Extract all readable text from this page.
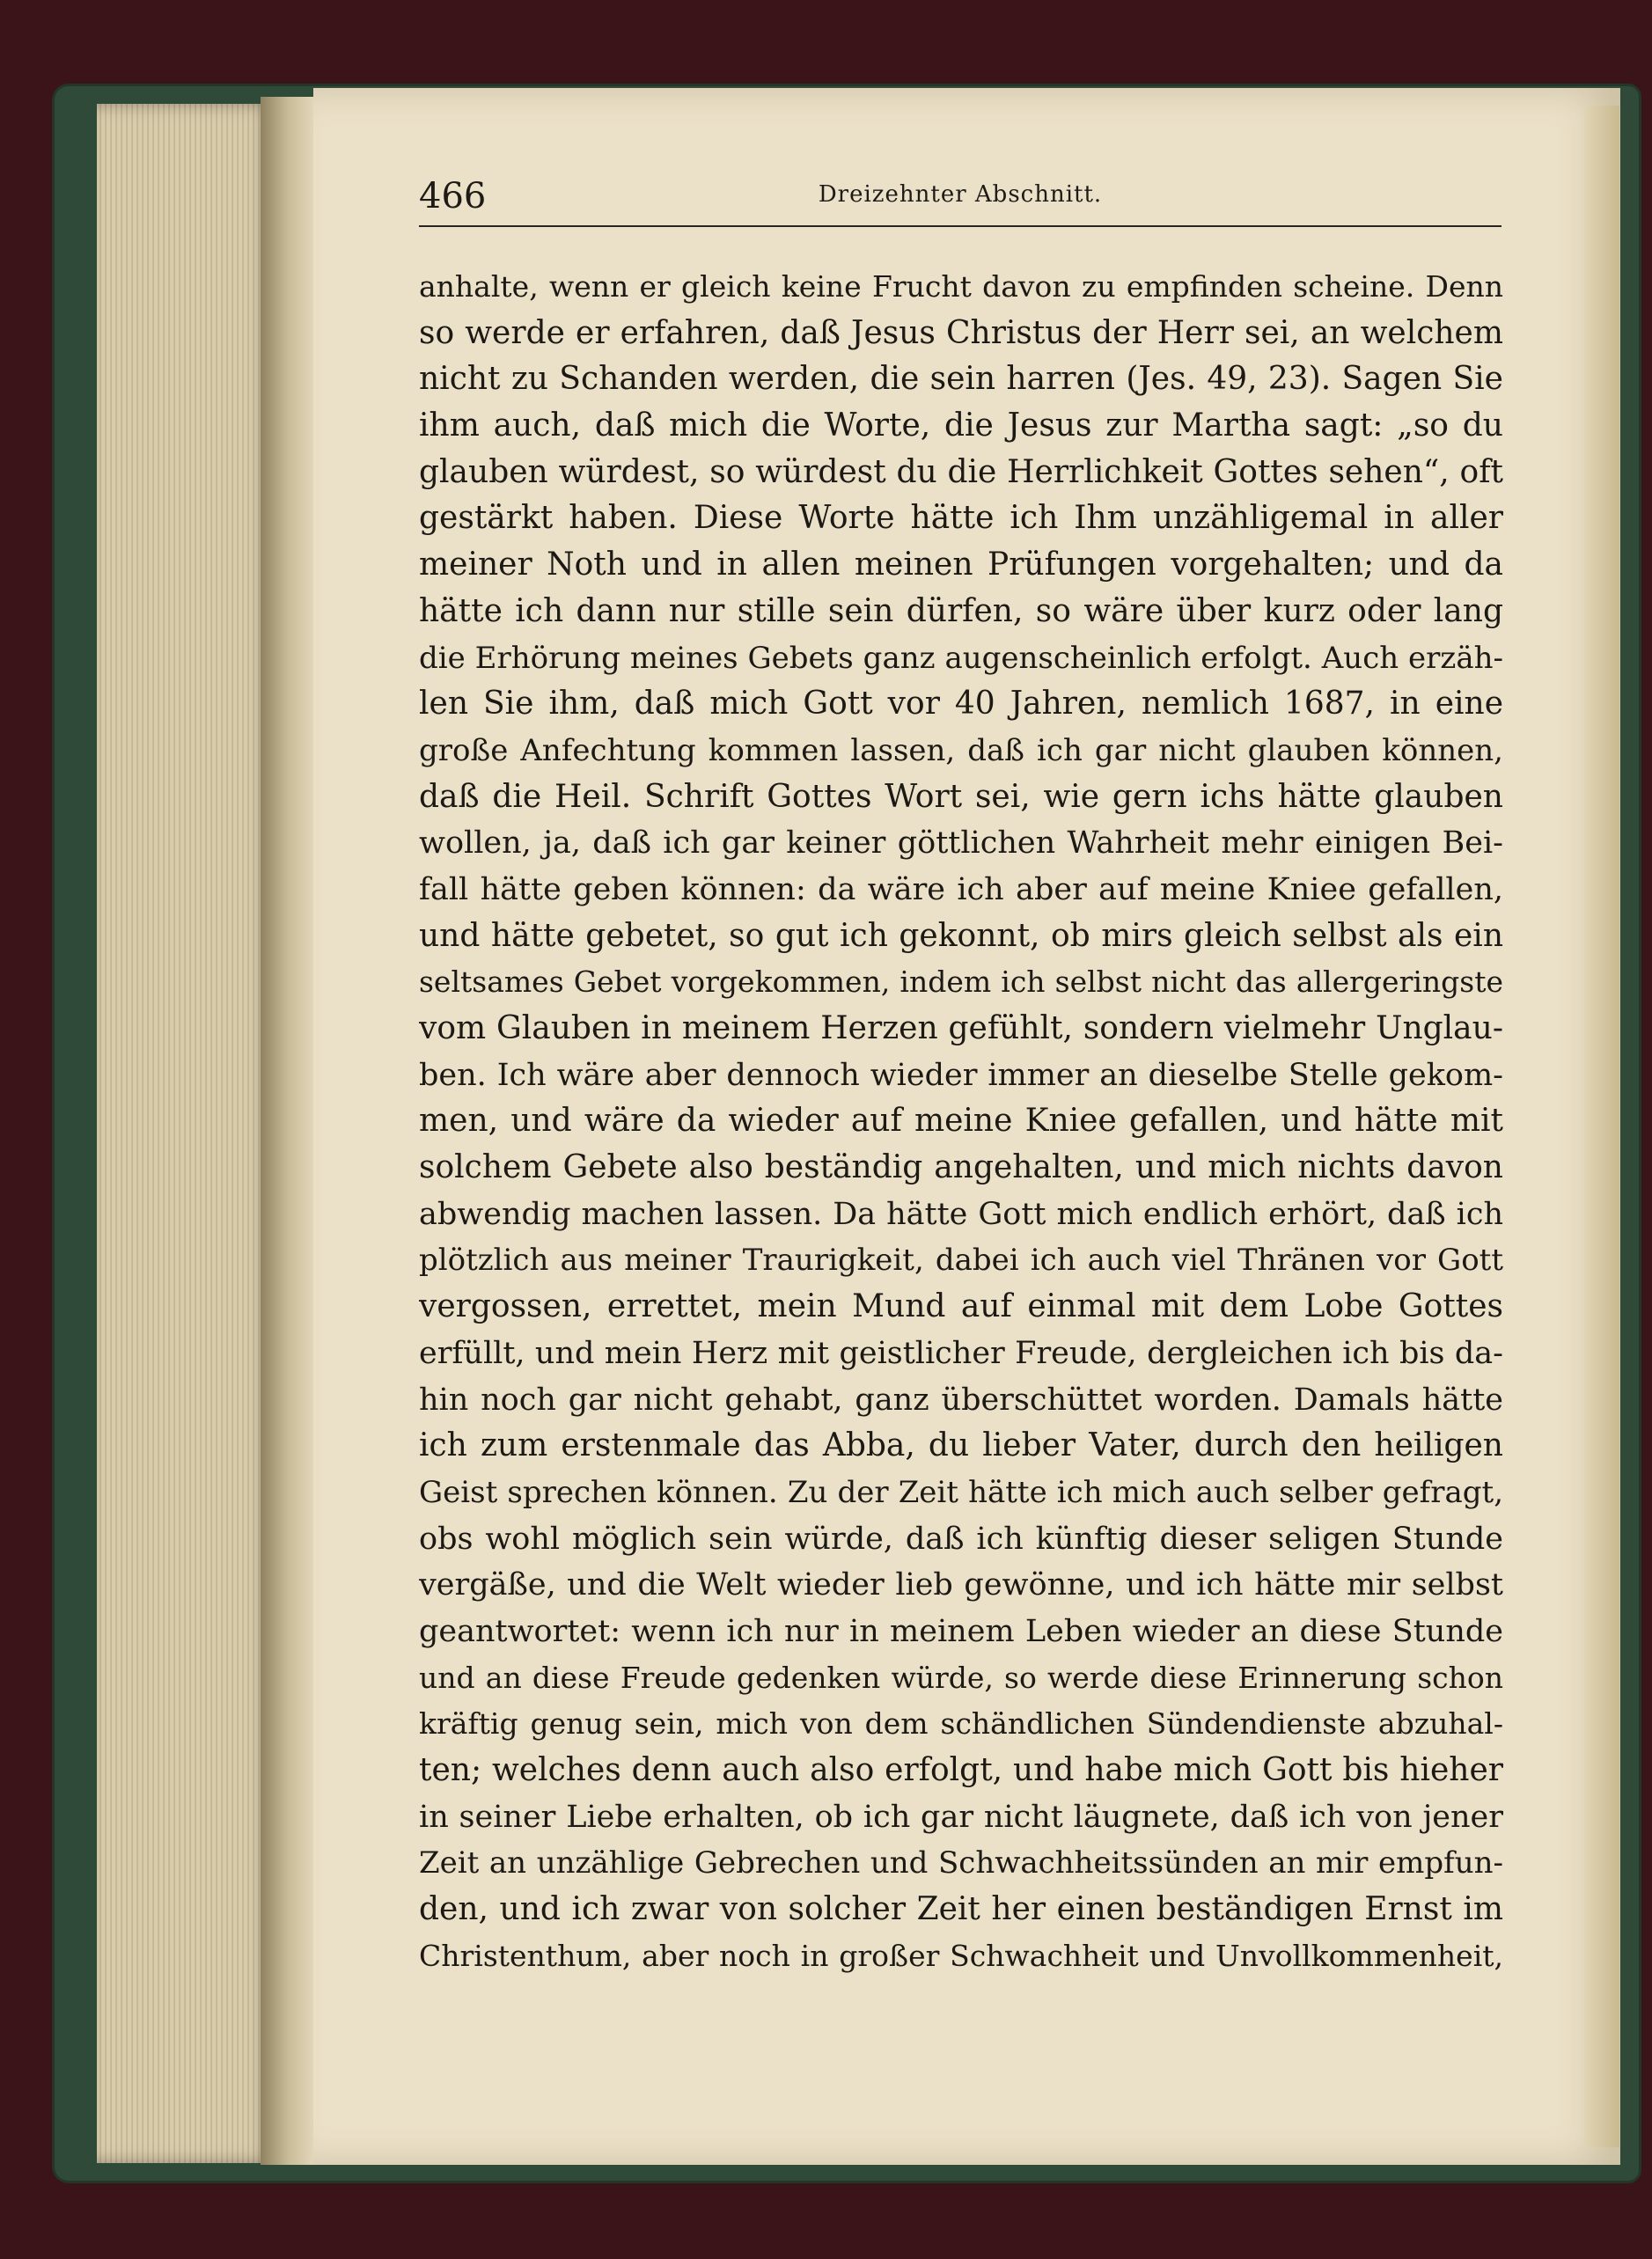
466	Dreizehnter Abschnitt.
anhalte, wenn er gleich keine Frucht davon zu empfinden scheine. Denn
so werde er erfahren, daß Jesus Christus der Herr sei, an welchem
nicht zu Schanden werden, die sein harren (Jes. 49, 23). Sagen Sie
ihm auch, daß mich die Worte, die Jesus zur Martha sagt: „so du
glauben würdest, so würdest du die Herrlichkeit Gottes sehen“, oft
gestärkt haben. Diese Worte hätte ich Ihm unzähligemal in aller
meiner Noth und in allen meinen Prüfungen vorgehalten; und da
hätte ich dann nur stille sein dürfen, so wäre über kurz oder lang
die Erhörung meines Gebets ganz augenscheinlich erfolgt. Auch erzäh-
len Sie ihm, daß mich Gott vor 40 Jahren, nemlich 1687, in eine
große Anfechtung kommen lassen, daß ich gar nicht glauben können,
daß die Heil. Schrift Gottes Wort sei, wie gern ichs hätte glauben
wollen, ja, daß ich gar keiner göttlichen Wahrheit mehr einigen Bei-
fall hätte geben können: da wäre ich aber auf meine Kniee gefallen,
und hätte gebetet, so gut ich gekonnt, ob mirs gleich selbst als ein
seltsames Gebet vorgekommen, indem ich selbst nicht das allergeringste
vom Glauben in meinem Herzen gefühlt, sondern vielmehr Unglau-
ben. Ich wäre aber dennoch wieder immer an dieselbe Stelle gekom-
men, und wäre da wieder auf meine Kniee gefallen, und hätte mit
solchem Gebete also beständig angehalten, und mich nichts davon
abwendig machen lassen. Da hätte Gott mich endlich erhört, daß ich
plötzlich aus meiner Traurigkeit, dabei ich auch viel Thränen vor Gott
vergossen, errettet, mein Mund auf einmal mit dem Lobe Gottes
erfüllt, und mein Herz mit geistlicher Freude, dergleichen ich bis da-
hin noch gar nicht gehabt, ganz überschüttet worden. Damals hätte
ich zum erstenmale das Abba, du lieber Vater, durch den heiligen
Geist sprechen können. Zu der Zeit hätte ich mich auch selber gefragt,
obs wohl möglich sein würde, daß ich künftig dieser seligen Stunde
vergäße, und die Welt wieder lieb gewönne, und ich hätte mir selbst
geantwortet: wenn ich nur in meinem Leben wieder an diese Stunde
und an diese Freude gedenken würde, so werde diese Erinnerung schon
kräftig genug sein, mich von dem schändlichen Sündendienste abzuhal-
ten; welches denn auch also erfolgt, und habe mich Gott bis hieher
in seiner Liebe erhalten, ob ich gar nicht läugnete, daß ich von jener
Zeit an unzählige Gebrechen und Schwachheitssünden an mir empfun-
den, und ich zwar von solcher Zeit her einen beständigen Ernst im
Christenthum, aber noch in großer Schwachheit und Unvollkommenheit,
